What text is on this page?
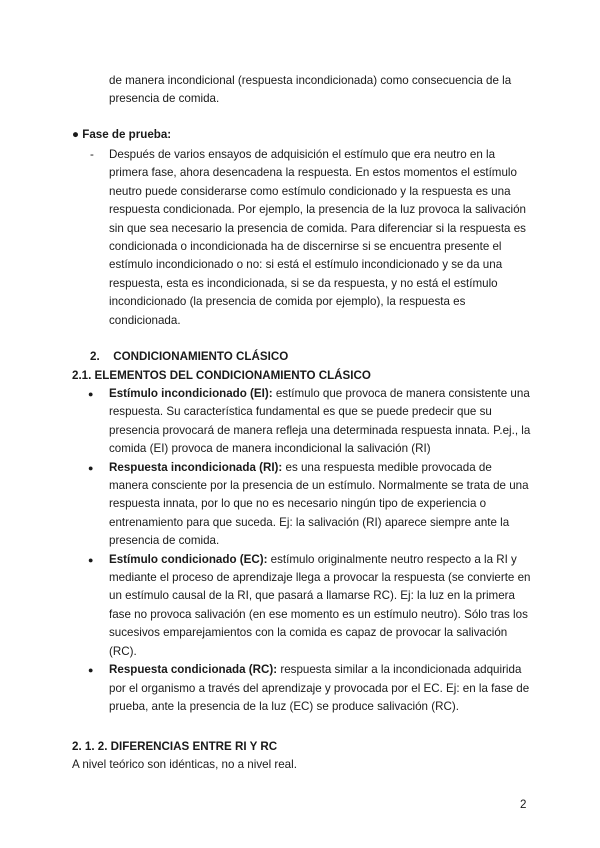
de manera incondicional (respuesta incondicionada) como consecuencia de la presencia de comida.

● Fase de prueba:
- Después de varios ensayos de adquisición el estímulo que era neutro en la primera fase, ahora desencadena la respuesta. En estos momentos el estímulo neutro puede considerarse como estímulo condicionado y la respuesta es una respuesta condicionada. Por ejemplo, la presencia de la luz provoca la salivación sin que sea necesario la presencia de comida. Para diferenciar si la respuesta es condicionada o incondicionada ha de discernirse si se encuentra presente el estímulo incondicionado o no: si está el estímulo incondicionado y se da una respuesta, esta es incondicionada, si se da respuesta, y no está el estímulo incondicionado (la presencia de comida por ejemplo), la respuesta es condicionada.
2. CONDICIONAMIENTO CLÁSICO
2.1. ELEMENTOS DEL CONDICIONAMIENTO CLÁSICO
● Estímulo incondicionado (EI): estímulo que provoca de manera consistente una respuesta. Su característica fundamental es que se puede predecir que su presencia provocará de manera refleja una determinada respuesta innata. P.ej., la comida (EI) provoca de manera incondicional la salivación (RI)
● Respuesta incondicionada (RI): es una respuesta medible provocada de manera consciente por la presencia de un estímulo. Normalmente se trata de una respuesta innata, por lo que no es necesario ningún tipo de experiencia o entrenamiento para que suceda. Ej: la salivación (RI) aparece siempre ante la presencia de comida.
● Estímulo condicionado (EC): estímulo originalmente neutro respecto a la RI y mediante el proceso de aprendizaje llega a provocar la respuesta (se convierte en un estímulo causal de la RI, que pasará a llamarse RC). Ej: la luz en la primera fase no provoca salivación (en ese momento es un estímulo neutro). Sólo tras los sucesivos emparejamientos con la comida es capaz de provocar la salivación (RC).
● Respuesta condicionada (RC): respuesta similar a la incondicionada adquirida por el organismo a través del aprendizaje y provocada por el EC. Ej: en la fase de prueba, ante la presencia de la luz (EC) se produce salivación (RC).
2. 1. 2. DIFERENCIAS ENTRE RI Y RC

A nivel teórico son idénticas, no a nivel real.

2
